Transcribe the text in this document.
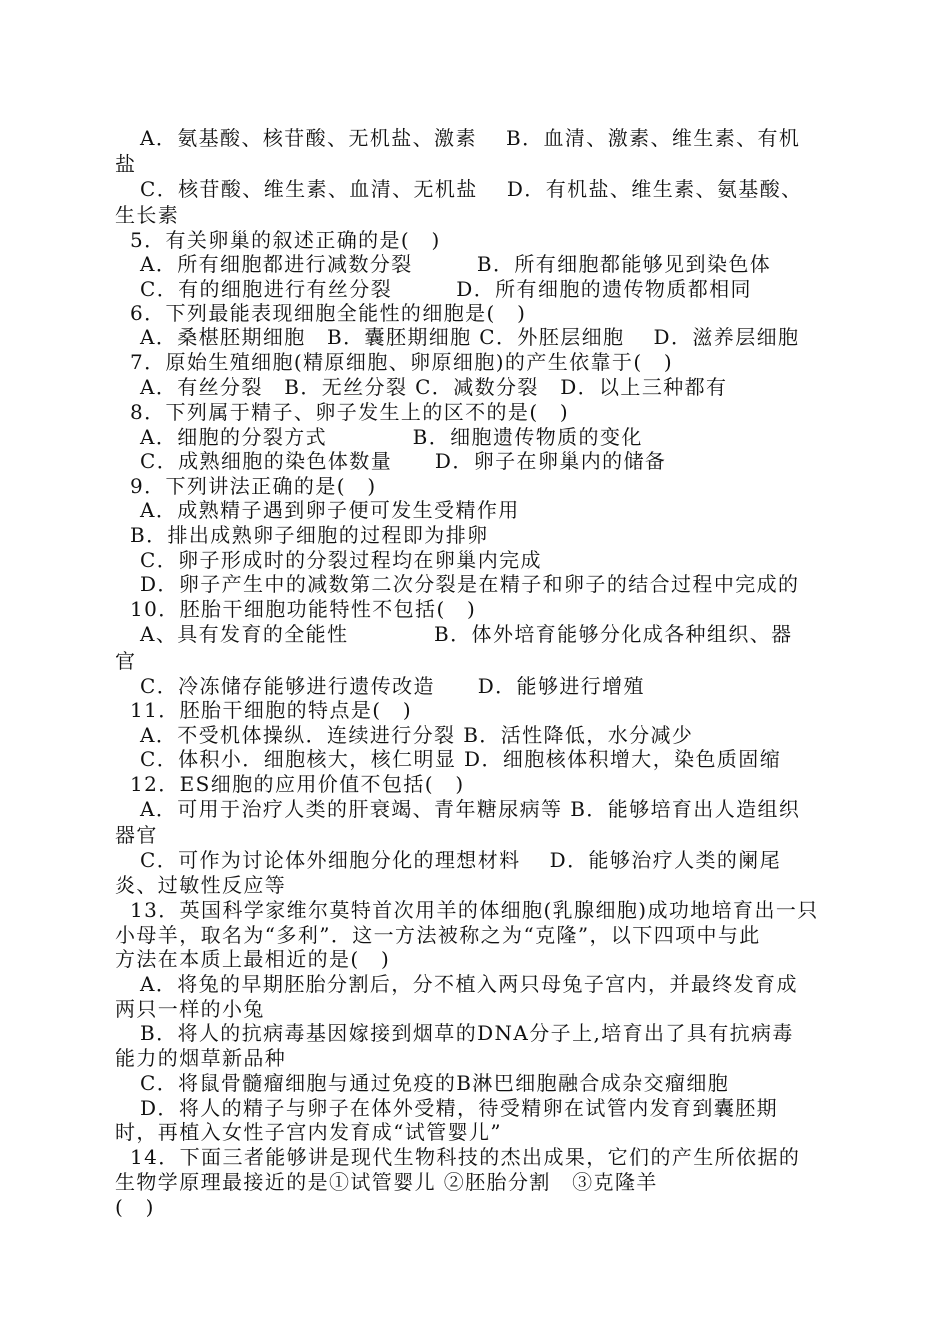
A．氨基酸、核苷酸、无机盐、激素　 B．血清、激素、维生素、有机
盐
C．核苷酸、维生素、血清、无机盐　 D．有机盐、维生素、氨基酸、
生长素
5．有关卵巢的叙述正确的是(　)
A．所有细胞都进行减数分裂　　　B．所有细胞都能够见到染色体
C．有的细胞进行有丝分裂　　　D．所有细胞的遗传物质都相同
6．下列最能表现细胞全能性的细胞是(　)
A．桑椹胚期细胞　B．囊胚期细胞 C．外胚层细胞　 D．滋养层细胞
7．原始生殖细胞(精原细胞、卵原细胞)的产生依靠于(　)
A．有丝分裂　B．无丝分裂 C．减数分裂　D．以上三种都有
8．下列属于精子、卵子发生上的区不的是(　)
A．细胞的分裂方式　　　　B．细胞遗传物质的变化
C．成熟细胞的染色体数量　　D．卵子在卵巢内的储备
9．下列讲法正确的是(　)
A．成熟精子遇到卵子便可发生受精作用
B．排出成熟卵子细胞的过程即为排卵
C．卵子形成时的分裂过程均在卵巢内完成
D．卵子产生中的减数第二次分裂是在精子和卵子的结合过程中完成的
10．胚胎干细胞功能特性不包括(　)
A、具有发育的全能性　　　　B．体外培育能够分化成各种组织、器
官
C．冷冻储存能够进行遗传改造　　D．能够进行增殖
11．胚胎干细胞的特点是(　)
A．不受机体操纵．连续进行分裂 B．活性降低，水分减少
C．体积小．细胞核大，核仁明显 D．细胞核体积增大，染色质固缩
12．ES细胞的应用价值不包括(　)
A．可用于治疗人类的肝衰竭、青年糖尿病等 B．能够培育出人造组织
器官
C．可作为讨论体外细胞分化的理想材料　 D．能够治疗人类的阑尾
炎、过敏性反应等
13．英国科学家维尔莫特首次用羊的体细胞(乳腺细胞)成功地培育出一只
小母羊，取名为“多利”．这一方法被称之为“克隆”，以下四项中与此
方法在本质上最相近的是(　)
A．将兔的早期胚胎分割后，分不植入两只母兔子宫内，并最终发育成
两只一样的小兔
B．将人的抗病毒基因嫁接到烟草的DNA分子上,培育出了具有抗病毒
能力的烟草新品种
C．将鼠骨髓瘤细胞与通过免疫的B淋巴细胞融合成杂交瘤细胞
D．将人的精子与卵子在体外受精，待受精卵在试管内发育到囊胚期
时，再植入女性子宫内发育成“试管婴儿”
14．下面三者能够讲是现代生物科技的杰出成果，它们的产生所依据的
生物学原理最接近的是①试管婴儿 ②胚胎分割　③克隆羊
(　)
